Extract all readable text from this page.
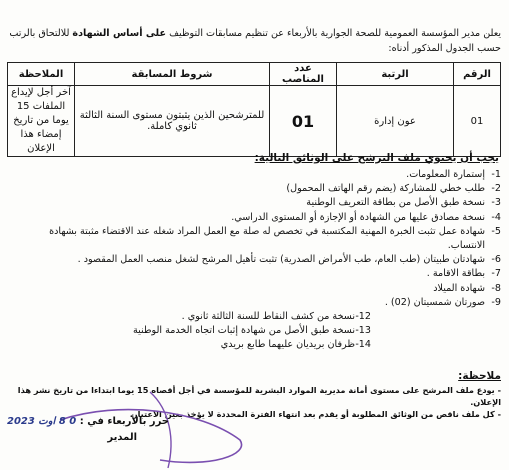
يعلن مدير المؤسسة العمومية للصحة الجوارية بالأربعاء عن تنظيم مسابقات التوظيف على أساس الشهادة للالتحاق بالرتب
حسب الجدول المذكور أدناه:
الرقم	الرتبة	عدد المناصب	شروط المسابقة	الملاحظة
01	عون إدارة	01	للمترشحين الذين يثبتون مستوى السنة الثالثة ثانوي كاملة.	آخر أجل لإيداع الملفات 15 يوما من تاريخ إمضاء هذا الإعلان
يجب أن يحتوي ملف الترشح على الوثائق التالية:
1-إستمارة المعلومات.
2-طلب خطي للمشاركة (يضم رقم الهاتف المحمول)
3-نسخة طبق الأصل من بطاقة التعريف الوطنية
4-نسخة مصادق عليها من الشهادة أو الإجازة أو المستوى الدراسي.
5-شهادة عمل تثبت الخبرة المهنية المكتسبة في تخصص له صلة مع العمل المراد شغله عند الاقتضاء مثبتة بشهادة
الانتساب.
6-شهادتان طبيتان (طب العام، طب الأمراض الصدرية) تثبت تأهيل المرشح لشغل منصب العمل المقصود .
7-بطاقة الاقامة .
8-شهادة الميلاد
9-صورتان شمسيتان (02) .
12-نسخة من كشف النقاط للسنة الثالثة ثانوي .
13-نسخة طبق الأصل من شهادة إثبات اتجاه الخدمة الوطنية
14-ظرفان بريديان عليهما طابع بريدي
ملاحظة:
- يودع ملف المرشح على مستوى أمانة مديرية الموارد البشرية للمؤسسة في أجل أقصاه 15 يوما ابتداءا من تاريخ نشر هذا الإعلان.
- كل ملف ناقص من الوثائق المطلوبة أو يقدم بعد انتهاء الفترة المحددة لا يؤخذ بعين الاعتبار.
حرر بالأربعاء في : 0 8 اوت 2023
المدير
